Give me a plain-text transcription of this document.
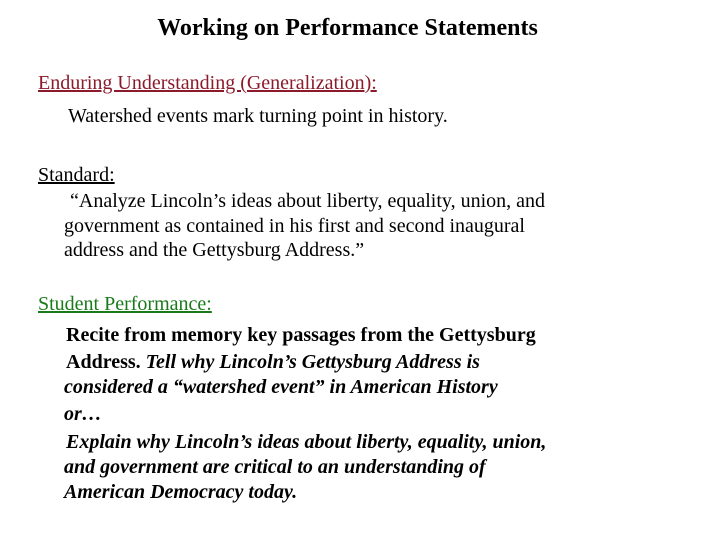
Working on Performance Statements
Enduring Understanding (Generalization):
Watershed events mark turning point in history.
Standard:
“Analyze Lincoln’s ideas about liberty, equality, union, and
government as contained in his first and second inaugural
address and the Gettysburg Address.”
Student Performance:
Recite from memory key passages from the Gettysburg
Address. Tell why Lincoln’s Gettysburg Address is
considered a “watershed event” in American History
or…
Explain why Lincoln’s ideas about liberty, equality, union,
and government are critical to an understanding of
American Democracy today.
